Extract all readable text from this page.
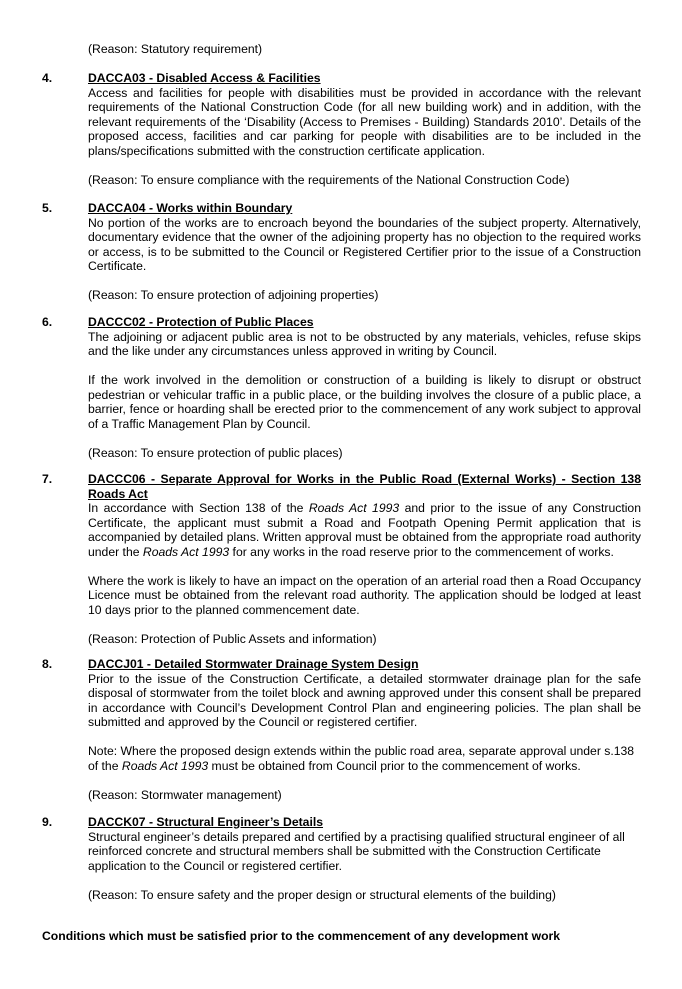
(Reason: Statutory requirement)
4.	DACCA03 - Disabled Access & Facilities

Access and facilities for people with disabilities must be provided in accordance with the relevant requirements of the National Construction Code (for all new building work) and in addition, with the relevant requirements of the ‘Disability (Access to Premises - Building) Standards 2010’. Details of the proposed access, facilities and car parking for people with disabilities are to be included in the plans/specifications submitted with the construction certificate application.

(Reason: To ensure compliance with the requirements of the National Construction Code)

5.	DACCA04 - Works within Boundary

No portion of the works are to encroach beyond the boundaries of the subject property. Alternatively, documentary evidence that the owner of the adjoining property has no objection to the required works or access, is to be submitted to the Council or Registered Certifier prior to the issue of a Construction Certificate.

(Reason: To ensure protection of adjoining properties)

6.	DACCC02 - Protection of Public Places

The adjoining or adjacent public area is not to be obstructed by any materials, vehicles, refuse skips and the like under any circumstances unless approved in writing by Council.

If the work involved in the demolition or construction of a building is likely to disrupt or obstruct pedestrian or vehicular traffic in a public place, or the building involves the closure of a public place, a barrier, fence or hoarding shall be erected prior to the commencement of any work subject to approval of a Traffic Management Plan by Council.

(Reason: To ensure protection of public places)

7.	DACCC06 - Separate Approval for Works in the Public Road (External Works) - Section 138 Roads Act

In accordance with Section 138 of the Roads Act 1993 and prior to the issue of any Construction Certificate, the applicant must submit a Road and Footpath Opening Permit application that is accompanied by detailed plans. Written approval must be obtained from the appropriate road authority under the Roads Act 1993 for any works in the road reserve prior to the commencement of works.

Where the work is likely to have an impact on the operation of an arterial road then a Road Occupancy Licence must be obtained from the relevant road authority. The application should be lodged at least 10 days prior to the planned commencement date.

(Reason: Protection of Public Assets and information)

8.	DACCJ01 - Detailed Stormwater Drainage System Design

Prior to the issue of the Construction Certificate, a detailed stormwater drainage plan for the safe disposal of stormwater from the toilet block and awning approved under this consent shall be prepared in accordance with Council’s Development Control Plan and engineering policies. The plan shall be submitted and approved by the Council or registered certifier.

Note: Where the proposed design extends within the public road area, separate approval under s.138 of the Roads Act 1993 must be obtained from Council prior to the commencement of works.

(Reason: Stormwater management)

9.	DACCK07 - Structural Engineer’s Details

Structural engineer’s details prepared and certified by a practising qualified structural engineer of all reinforced concrete and structural members shall be submitted with the Construction Certificate application to the Council or registered certifier.

(Reason: To ensure safety and the proper design or structural elements of the building)

Conditions which must be satisfied prior to the commencement of any development work
